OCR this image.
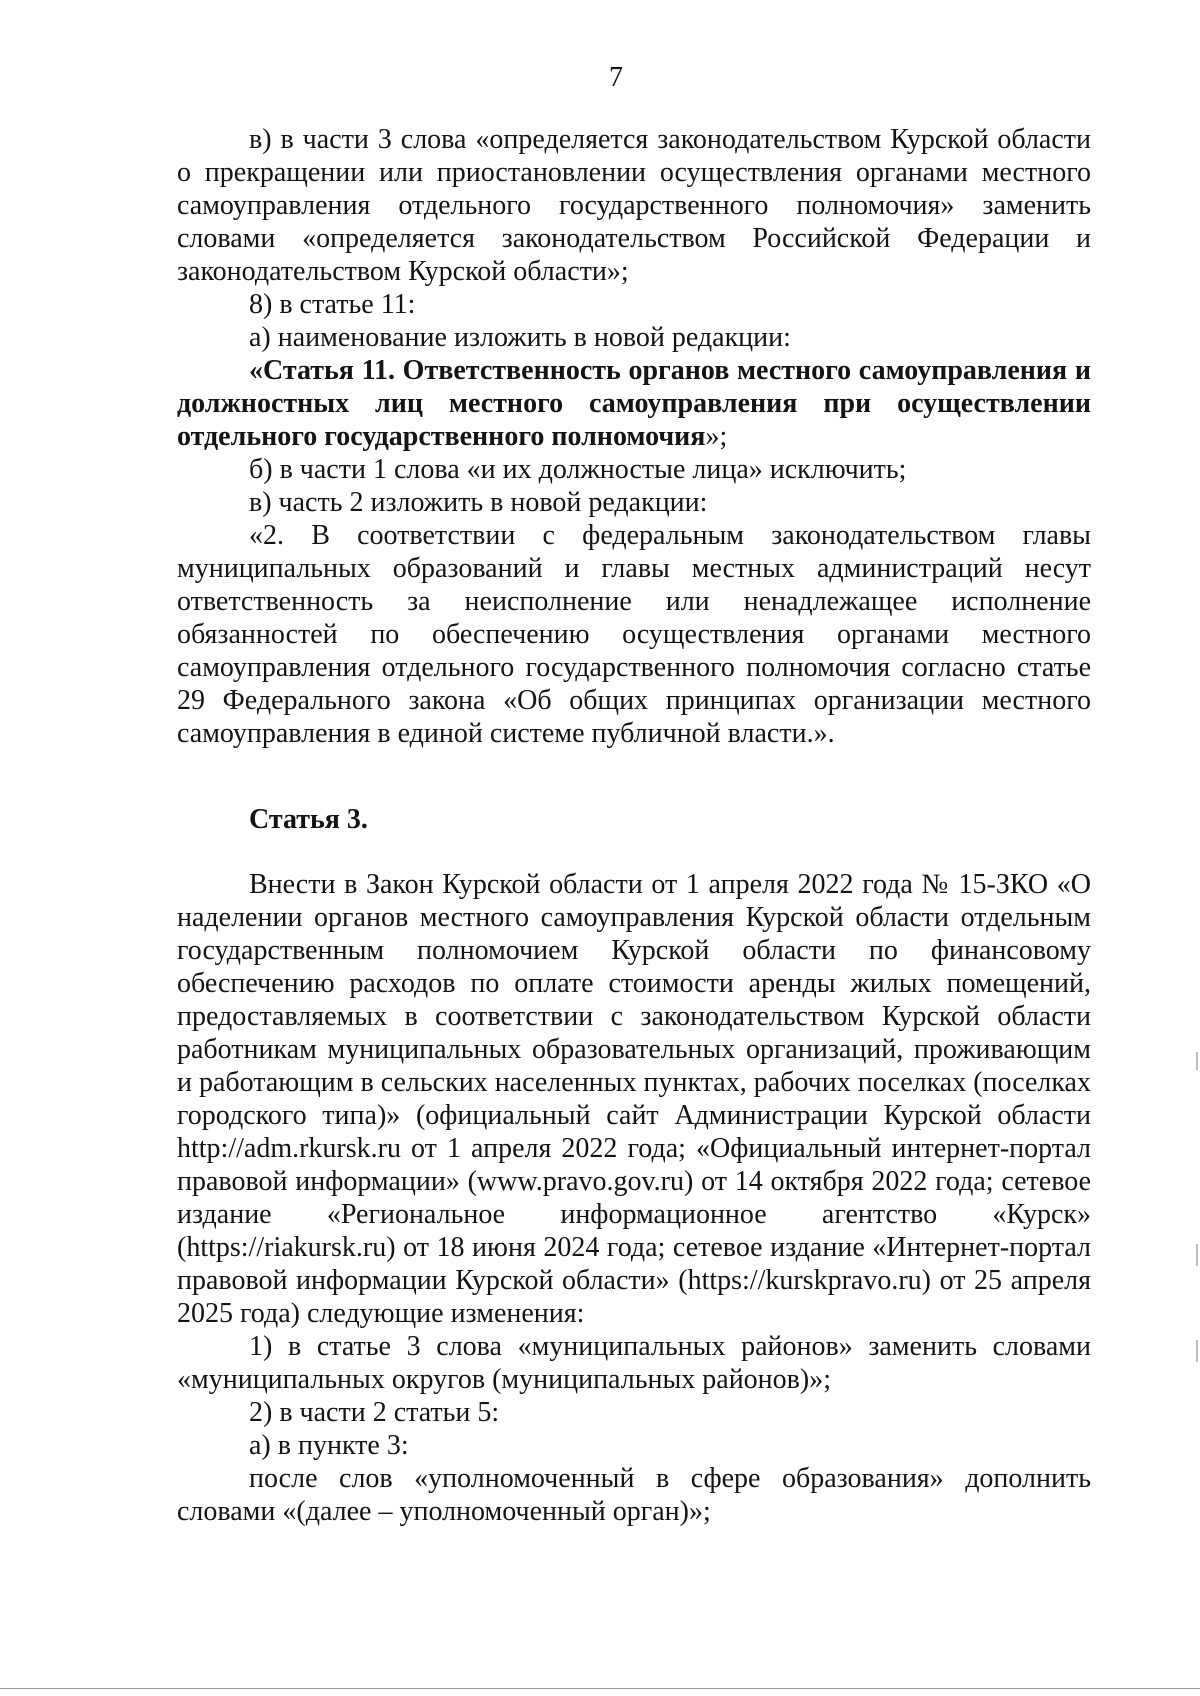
7

в) в части 3 слова «определяется законодательством Курской области о прекращении или приостановлении осуществления органами местного самоуправления отдельного государственного полномочия» заменить словами «определяется законодательством Российской Федерации и законодательством Курской области»;

8) в статье 11:

а) наименование изложить в новой редакции:

«Статья 11. Ответственность органов местного самоуправления и должностных лиц местного самоуправления при осуществлении отдельного государственного полномочия»;

б) в части 1 слова «и их должностые лица» исключить;

в) часть 2 изложить в новой редакции:

«2. В соответствии с федеральным законодательством главы муниципальных образований и главы местных администраций несут ответственность за неисполнение или ненадлежащее исполнение обязанностей по обеспечению осуществления органами местного самоуправления отдельного государственного полномочия согласно статье 29 Федерального закона «Об общих принципах организации местного самоуправления в единой системе публичной власти.».

Статья 3.

Внести в Закон Курской области от 1 апреля 2022 года № 15-ЗКО «О наделении органов местного самоуправления Курской области отдельным государственным полномочием Курской области по финансовому обеспечению расходов по оплате стоимости аренды жилых помещений, предоставляемых в соответствии с законодательством Курской области работникам муниципальных образовательных организаций, проживающим и работающим в сельских населенных пунктах, рабочих поселках (поселках городского типа)» (официальный сайт Администрации Курской области http://adm.rkursk.ru от 1 апреля 2022 года; «Официальный интернет-портал правовой информации» (www.pravo.gov.ru) от 14 октября 2022 года; сетевое издание «Региональное информационное агентство «Курск» (https://riakursk.ru) от 18 июня 2024 года; сетевое издание «Интернет-портал правовой информации Курской области» (https://kurskpravo.ru) от 25 апреля 2025 года) следующие изменения:

1) в статье 3 слова «муниципальных районов» заменить словами «муниципальных округов (муниципальных районов)»;

2) в части 2 статьи 5:

а) в пункте 3:

после слов «уполномоченный в сфере образования» дополнить словами «(далее – уполномоченный орган)»;
